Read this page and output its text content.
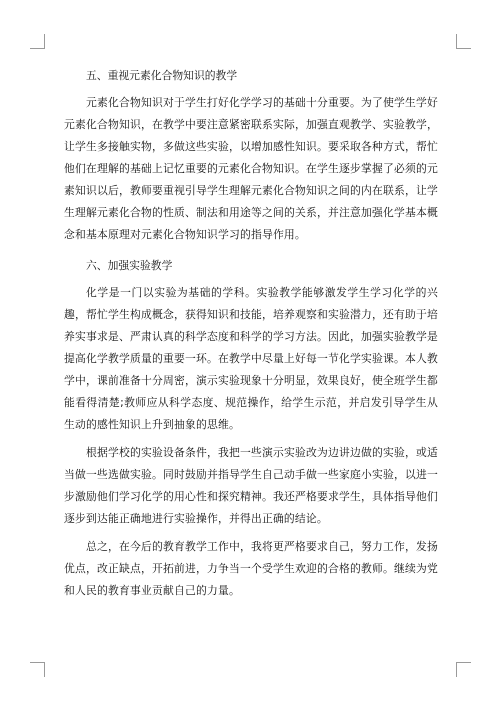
五、重视元素化合物知识的教学

元素化合物知识对于学生打好化学学习的基础十分重要。为了使学生学好元素化合物知识，在教学中要注意紧密联系实际，加强直观教学、实验教学，让学生多接触实物，多做这些实验，以增加感性知识。要采取各种方式，帮忙他们在理解的基础上记忆重要的元素化合物知识。在学生逐步掌握了必须的元素知识以后，教师要重视引导学生理解元素化合物知识之间的内在联系，让学生理解元素化合物的性质、制法和用途等之间的关系，并注意加强化学基本概念和基本原理对元素化合物知识学习的指导作用。

六、加强实验教学

化学是一门以实验为基础的学科。实验教学能够激发学生学习化学的兴趣，帮忙学生构成概念，获得知识和技能，培养观察和实验潜力，还有助于培养实事求是、严肃认真的科学态度和科学的学习方法。因此，加强实验教学是提高化学教学质量的重要一环。在教学中尽量上好每一节化学实验课。本人教学中，课前准备十分周密，演示实验现象十分明显，效果良好，使全班学生都能看得清楚;教师应从科学态度、规范操作，给学生示范，并启发引导学生从生动的感性知识上升到抽象的思维。

根据学校的实验设备条件，我把一些演示实验改为边讲边做的实验，或适当做一些选做实验。同时鼓励并指导学生自己动手做一些家庭小实验，以进一步激励他们学习化学的用心性和探究精神。我还严格要求学生，具体指导他们逐步到达能正确地进行实验操作，并得出正确的结论。

总之，在今后的教育教学工作中，我将更严格要求自己，努力工作，发扬优点，改正缺点，开拓前进，力争当一个受学生欢迎的合格的教师。继续为党和人民的教育事业贡献自己的力量。
